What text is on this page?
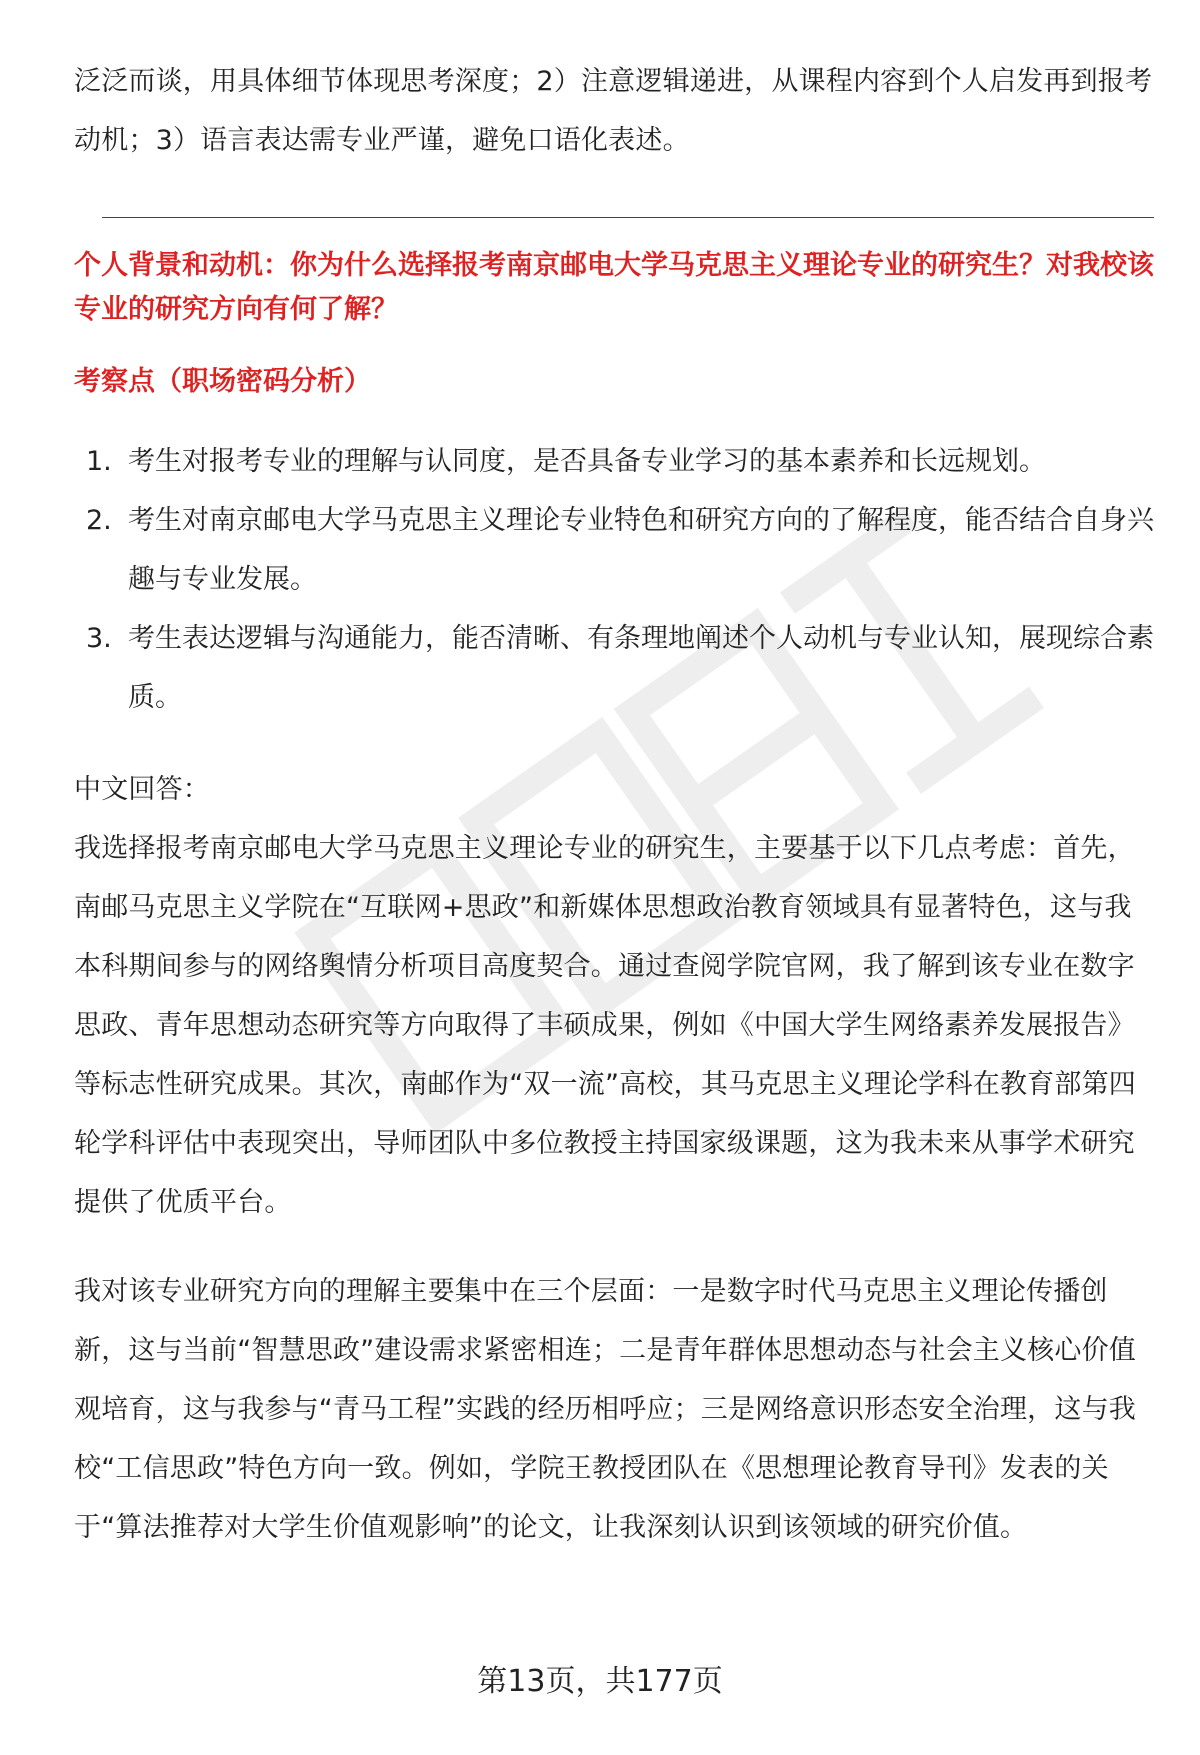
泛泛而谈，用具体细节体现思考深度；2）注意逻辑递进，从课程内容到个人启发再到报考动机；3）语言表达需专业严谨，避免口语化表述。

个人背景和动机：你为什么选择报考南京邮电大学马克思主义理论专业的研究生？对我校该专业的研究方向有何了解？

考察点（职场密码分析）

1. 考生对报考专业的理解与认同度，是否具备专业学习的基本素养和长远规划。
2. 考生对南京邮电大学马克思主义理论专业特色和研究方向的了解程度，能否结合自身兴趣与专业发展。
3. 考生表达逻辑与沟通能力，能否清晰、有条理地阐述个人动机与专业认知，展现综合素质。

中文回答：

我选择报考南京邮电大学马克思主义理论专业的研究生，主要基于以下几点考虑：首先，南邮马克思主义学院在“互联网+思政”和新媒体思想政治教育领域具有显著特色，这与我本科期间参与的网络舆情分析项目高度契合。通过查阅学院官网，我了解到该专业在数字思政、青年思想动态研究等方向取得了丰硕成果，例如《中国大学生网络素养发展报告》等标志性研究成果。其次，南邮作为“双一流”高校，其马克思主义理论学科在教育部第四轮学科评估中表现突出，导师团队中多位教授主持国家级课题，这为我未来从事学术研究提供了优质平台。

我对该专业研究方向的理解主要集中在三个层面：一是数字时代马克思主义理论传播创新，这与当前“智慧思政”建设需求紧密相连；二是青年群体思想动态与社会主义核心价值观培育，这与我参与“青马工程”实践的经历相呼应；三是网络意识形态安全治理，这与我校“工信思政”特色方向一致。例如，学院王教授团队在《思想理论教育导刊》发表的关于“算法推荐对大学生价值观影响”的论文，让我深刻认识到该领域的研究价值。

第13页，共177页
